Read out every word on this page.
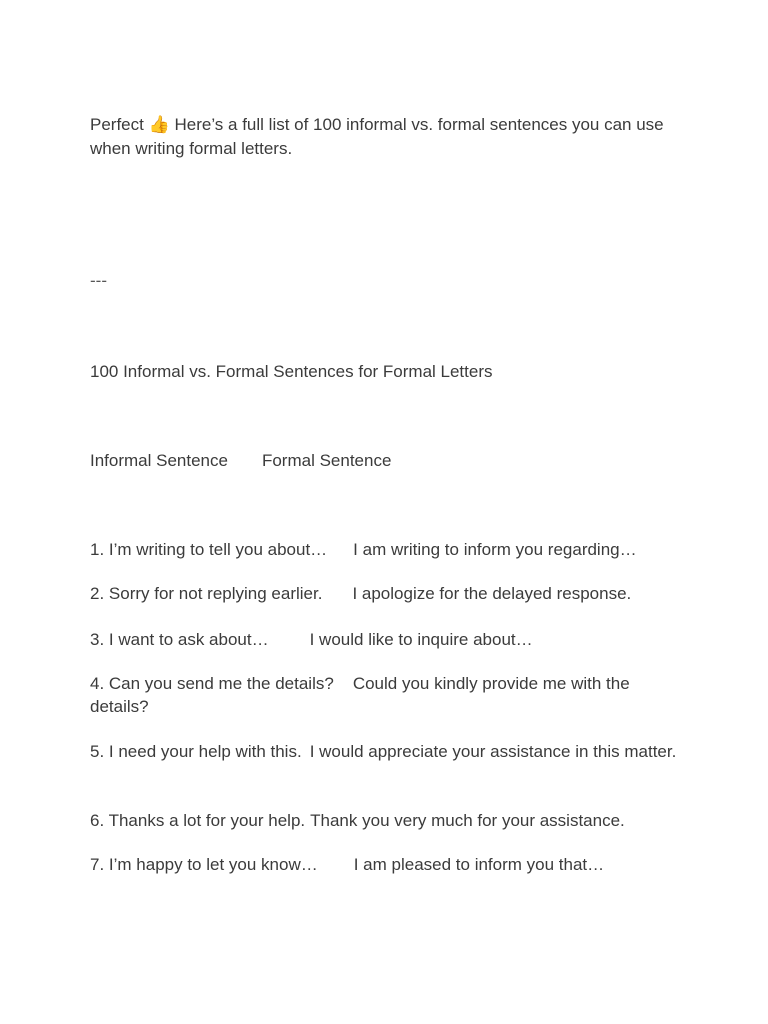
Perfect 👍 Here’s a full list of 100 informal vs. formal sentences you can use when writing formal letters.
---
100 Informal vs. Formal Sentences for Formal Letters
Informal Sentence Formal Sentence
1. I’m writing to tell you about… I am writing to inform you regarding…
2. Sorry for not replying earlier. I apologize for the delayed response.
3. I want to ask about… I would like to inquire about…
4. Can you send me the details? Could you kindly provide me with the details?
5. I need your help with this. I would appreciate your assistance in this matter.
6. Thanks a lot for your help. Thank you very much for your assistance.
7. I’m happy to let you know… I am pleased to inform you that…
